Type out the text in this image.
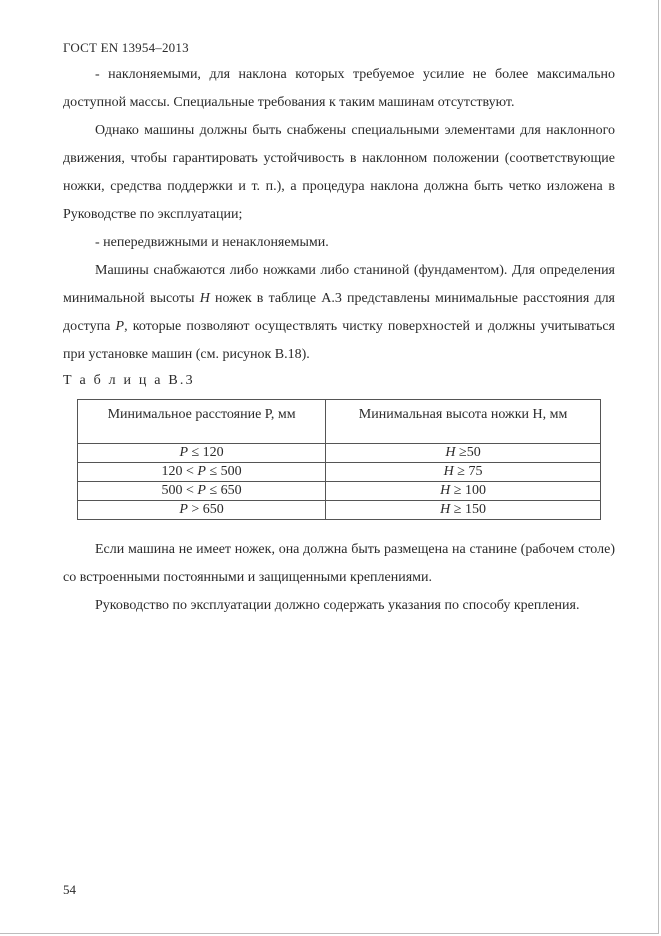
ГОСТ EN 13954–2013

- наклоняемыми, для наклона которых требуемое усилие не более максимально доступной массы. Специальные требования к таким машинам отсутствуют.

Однако машины должны быть снабжены специальными элементами для наклонного движения, чтобы гарантировать устойчивость в наклонном положении (соответствующие ножки, средства поддержки и т. п.), а процедура наклона должна быть четко изложена в Руководстве по эксплуатации;

- непередвижными и ненаклоняемыми.

Машины снабжаются либо ножками либо станиной (фундаментом). Для определения минимальной высоты H ножек в таблице А.3 представлены минимальные расстояния для доступа P, которые позволяют осуществлять чистку поверхностей и должны учитываться при установке машин (см. рисунок В.18).

Т а б л и ц а В.3

Минимальное расстояние Р, мм	Минимальная высота ножки Н, мм
P ≤ 120	H ≥50
120 < P ≤ 500	H ≥ 75
500 < P ≤ 650	H ≥ 100
P > 650	H ≥ 150

Если машина не имеет ножек, она должна быть размещена на станине (рабочем столе) со встроенными постоянными и защищенными креплениями.

Руководство по эксплуатации должно содержать указания по способу крепления.

54
